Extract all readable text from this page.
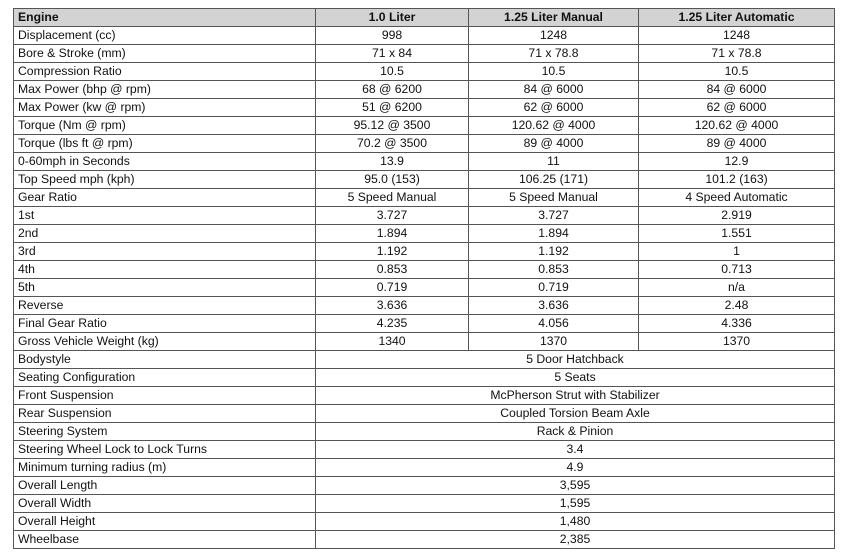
Engine	1.0 Liter	1.25 Liter Manual	1.25 Liter Automatic
Displacement (cc)	998	1248	1248
Bore & Stroke (mm)	71 x 84	71 x 78.8	71 x 78.8
Compression Ratio	10.5	10.5	10.5
Max Power (bhp @ rpm)	68 @ 6200	84 @ 6000	84 @ 6000
Max Power (kw @ rpm)	51 @ 6200	62 @ 6000	62 @ 6000
Torque (Nm @ rpm)	95.12 @ 3500	120.62 @ 4000	120.62 @ 4000
Torque (lbs ft @ rpm)	70.2 @ 3500	89 @ 4000	89 @ 4000
0-60mph in Seconds	13.9	11	12.9
Top Speed mph (kph)	95.0 (153)	106.25 (171)	101.2 (163)
Gear Ratio	5 Speed Manual	5 Speed Manual	4 Speed Automatic
1st	3.727	3.727	2.919
2nd	1.894	1.894	1.551
3rd	1.192	1.192	1
4th	0.853	0.853	0.713
5th	0.719	0.719	n/a
Reverse	3.636	3.636	2.48
Final Gear Ratio	4.235	4.056	4.336
Gross Vehicle Weight (kg)	1340	1370	1370
Bodystyle	5 Door Hatchback		
Seating Configuration	5 Seats		
Front Suspension	McPherson Strut with Stabilizer		
Rear Suspension	Coupled Torsion Beam Axle		
Steering System	Rack & Pinion		
Steering Wheel Lock to Lock Turns	3.4		
Minimum turning radius (m)	4.9		
Overall Length	3,595		
Overall Width	1,595		
Overall Height	1,480		
Wheelbase	2,385		
